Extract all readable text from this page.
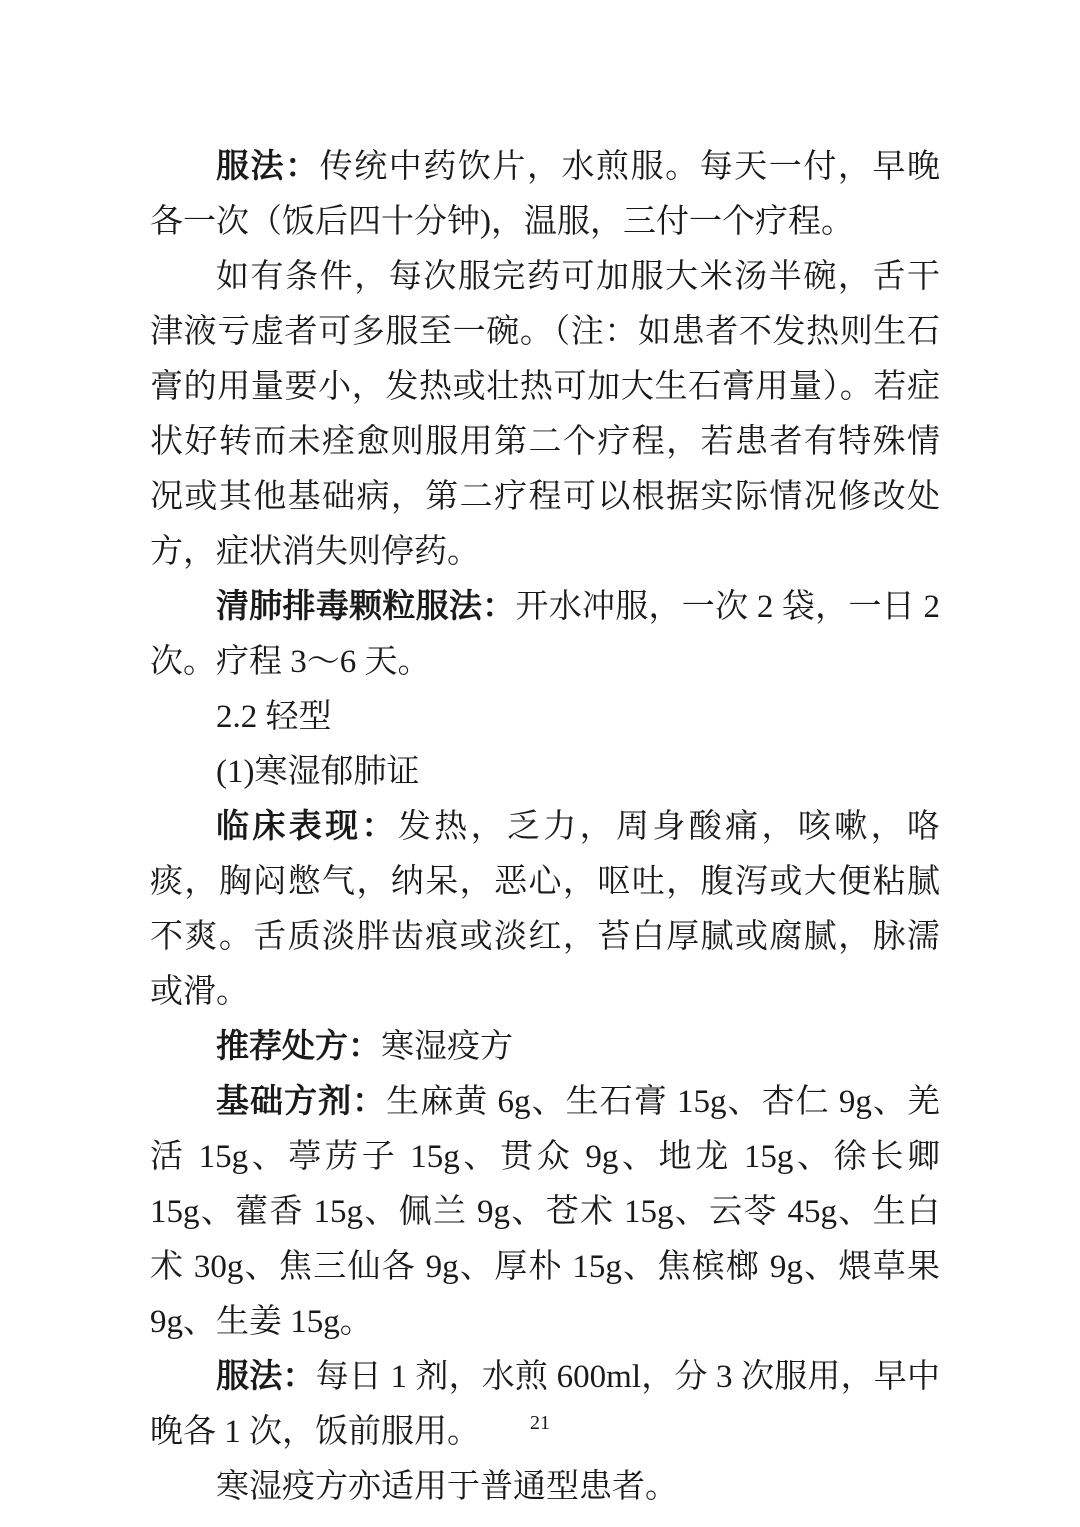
服法：传统中药饮片，水煎服。每天一付，早晚各一次（饭后四十分钟)，温服，三付一个疗程。

如有条件，每次服完药可加服大米汤半碗，舌干津液亏虚者可多服至一碗。（注：如患者不发热则生石膏的用量要小，发热或壮热可加大生石膏用量）。若症状好转而未痊愈则服用第二个疗程，若患者有特殊情况或其他基础病，第二疗程可以根据实际情况修改处方，症状消失则停药。

清肺排毒颗粒服法：开水冲服，一次 2 袋，一日 2 次。疗程 3～6 天。

2.2 轻型

(1)寒湿郁肺证

临床表现：发热，乏力，周身酸痛，咳嗽，咯痰，胸闷憋气，纳呆，恶心，呕吐，腹泻或大便粘腻不爽。舌质淡胖齿痕或淡红，苔白厚腻或腐腻，脉濡或滑。

推荐处方：寒湿疫方

基础方剂：生麻黄 6g、生石膏 15g、杏仁 9g、羌活 15g、葶苈子 15g、贯众 9g、地龙 15g、徐长卿 15g、藿香 15g、佩兰 9g、苍术 15g、云苓 45g、生白术 30g、焦三仙各 9g、厚朴 15g、焦槟榔 9g、煨草果 9g、生姜 15g。

服法：每日 1 剂，水煎 600ml，分 3 次服用，早中晚各 1 次，饭前服用。

寒湿疫方亦适用于普通型患者。

21
